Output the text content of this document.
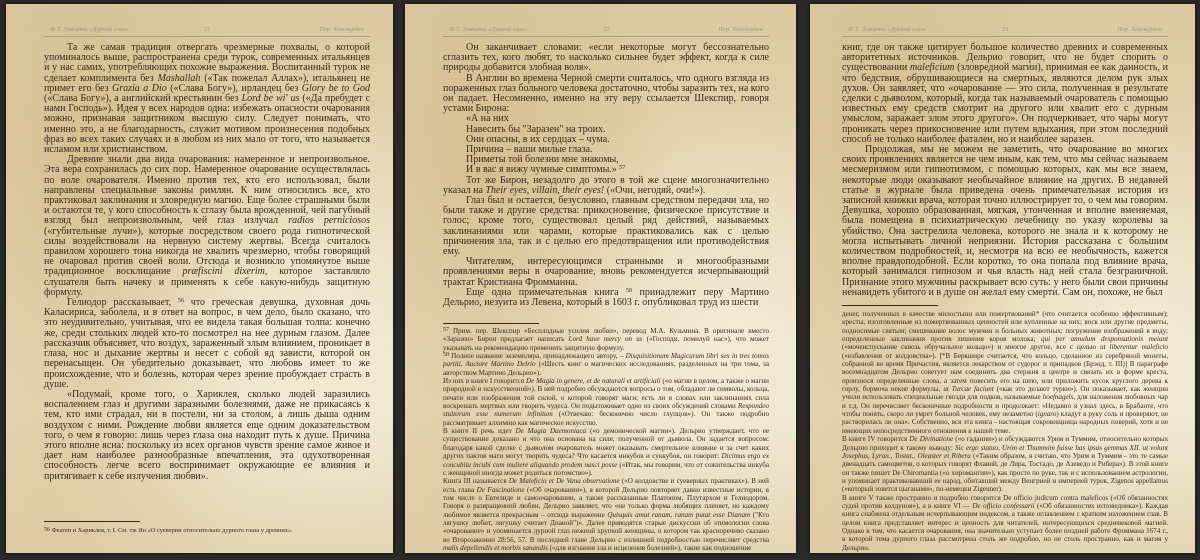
Ф.Т. Элворти «Дурной глаз»	21	Пер. Хексвурден

Та же самая традиция отвергать чрезмерные похвалы, о которой упоминалось выше, распространена среди турок, современных итальянцев и у нас самих, употребляющих похожие выражения. Воспитанный турок не сделает комплимента без Mashallah («Так пожелал Аллах»), итальянец не примет его без Grazia a Dio («Слава Богу»), ирландец без Glory be to God («Слава Богу»), а английский крестьянин без Lord be wi' us («Да пребудет с нами Господь»). Идея у всех народов одна: избежать опасности очарования можно, признавая защитником высшую силу. Следует понимать, что именно это, а не благодарность, служит мотивом произнесения подобных фраз во всех таких случаях и в любом из них мало от того, что называется исламом или христианством.

Древние знали два вида очарования: намеренное и непроизвольное. Эта вера сохранилась до сих пор. Намеренное очарование осуществлялась по воле очарователя. Именно против тех, кто его использовал, были направлены специальные законы римлян. К ним относились все, кто практиковал заклинания и зловредную магию. Еще более страшными были и остаются те, у кого способность к сглазу была врожденной, чей пагубный взгляд был непроизвольным, чей глаз излучал radios perniciosos («губительные лучи»), которые посредством своего рода гипнотической силы воздействовали на нервную систему жертвы. Всегда считалось правилом хорошего тона никогда не хвалить чрезмерно, чтобы говорящий не очаровал против своей воли. Отсюда и возникло упомянутое выше традиционное восклицание præfiscini dixerim, которое заставляло слушателя быть начеку и применять к себе какую-нибудь защитную формулу.

Гелиодор рассказывает, $^{56}$ что греческая девушка, духовная дочь Каласириса, заболела, и в ответ на вопрос, в чем дело, было сказано, что это неудивительно, учитывая, что ее видела такая большая толпа: конечно же, среди стольких людей кто-то посмотрел на нее дурным глазом. Далее рассказчик объясняет, что воздух, зараженный злым влиянием, проникает в глаза, нос и дыхание жертвы и несет с собой яд зависти, которой он перенасыщен. Он убедительно доказывает, что любовь имеет то же происхождение, что и болезнь, которая через зрение пробуждает страсть в душе.

«Подумай, кроме того, о Хариклея, сколько людей заразились воспалением глаз и другими заразными болезнями, даже не прикасаясь к тем, кто ими страдал, ни в постели, ни за столом, а лишь дыша одним воздухом с ними. Рождение любви является еще одним доказательством того, о чем я говорю: лишь через глаза она находит путь к душе. Причина этого вполне ясна: поскольку из всех органов чувств зрение самое живое и дает нам наиболее разнообразные впечатления, эта одухотворенная способность легче всего воспринимает окружающие ее влияния и притягивает к себе излучения любви».

$^{56}$ Феаген и Хариклея, т. I. См. тж Ян «О суеверии относительно дурного глаза у древних».

Ф.Т. Элворти «Дурной глаз»	22	Пер. Хексвурден

Он заканчивает словами: «если некоторые могут бессознательно сглазить тех, кого любят, то насколько сильнее будет эффект, когда к силе природы добавится злобная воля».

В Англии во времена Черной смерти считалось, что одного взгляда из пораженных глаз больного человека достаточно, чтобы заразить тех, на кого он падает. Несомненно, именно на эту веру ссылается Шекспир, говоря устами Бирона:

«А на них
Навесить бы "Заразен" на троих.
Они опасны, в их сердцах – чума.
Причина – ваши милые глаза.
Приметы той болезни мне знакомы,
И в вас я вижу чумные симптомы.» $^{57}$

Тот же Бирон, незадолго до этого в той же сцене многозначительно указал на Their eyes, villain, their eyes! («Очи, негодяй, очи!»).

Глаз был и остается, безусловно, главным средством передачи зла, но были также и другие средства: прикосновение, физическое присутствие и голос; кроме того, существовал целый ряд действий, называемых заклинаниями или чарами, которые практиковались как с целью причинения зла, так и с целью его предотвращения или противодействия ему.

Читателям, интересующимся странными и многообразными проявлениями веры в очарование, вновь рекомендуется исчерпывающий трактат Кристиана Фромманна.

Еще одна примечательная книга $^{58}$ принадлежит перу Мартино Дельрио, иезуита из Левена, который в 1603 г. опубликовал труд из шести

$^{57}$ Прим. пер. Шекспир «Бесплодные усилия любви», перевод М.А. Кузьмина. В оригинале вместо «Заразен» Бирон предлагает написать Lord have mercy on us («Господи, помилуй нас»), что может указывать на рекомендацию применить защитную формулу.

$^{58}$ Полное название экземпляра, принадлежащего автору, – Disquisitionum Magicarum libri sex in tres tomos partiti, Auctore Martino Delrio («Шесть книг о магических исследованиях, разделенных на три тома, за авторством Мартино Дельрио»).

Из них в книге I говорится De Magia in genere, et de naturali et artificiali («о магии в целом, а также о магии природной и искусственной»). В ней подробно обсуждаются вопросы о том, обладают ли символы, кольца, печати или изображения той силой, о которой говорят маги; есть ли в словах или заклинаниях сила воскрешать мертвых или творить чудеса. Он подытоживает одно из своих обсуждений словами Respondeo stultorum esse numerum infinitum («Отвечаю: бесконечно число глупцов»). Он также подробно рассматривает алхимию как магическое искусство.

В книге II речь идет De Magia Daemoniaca («о демонической магии»). Дельрио утверждает, что ее существование доказано и что она основана на силе, полученной от дьявола. Он задается вопросом: благодаря какой сделке с дьяволом очарователь может оказывать смертельное влияние и за счет каких других пактов маги могут творить чудеса? Что касается инкубов и суккубов, он говорит: Dicimus ergo ex concubitu incubi cum muliere aliquando prodem nasci posse («Итак, мы говорим, что от сожительства инкуба с женщиной иногда может родиться потомство»).

Книга III называется De Maleficio et De Vana observatione («О колдовстве и суеверных практиках»). В ней есть глава De Fascinatione («Об очаровании»), в которой Дельрио повторяет давно известные истории, в том числе о Евтелиде и самоочаровании, а также рассказанные Платоном, Плутархом и Гелиодором. Говоря о развращенной любви, Дельрио заявляет, что «не только форма любящих пленяет, но каждому любимое является прекрасным – отсюда выражение Quisquis amat ranam, ranam putat esse Dianam ("Кто лягушку любит, лягушку считает Дианой")». Далее приводятся старые дискуссии об этимологии слова «очарование» и упоминается дурной глаз нежной хрупкой женщины, о котором так красноречиво сказано во Второзаконии 28:56, 57. В последней главе Дельрио с излишней подробностью перечисляет средства malis depellendis et morbis sanandis («для изгнания зла и исцеления болезней»), такие как подношение

Ф.Т. Элворти «Дурной глаз»	23	Пер. Хексвурден

книг, где он также цитирует большое количество древних и современных авторитетных источников. Дельрио говорит, что не будет спорить о существовании maleficium (зловредной магии), принимая ее как данность, и что бедствия, обрушивающиеся на смертных, являются делом рук злых духов. Он заявляет, что «очарование — это сила, полученная в результате сделки с дьяволом, который, когда так называемый очарователь с помощью известных ему средств смотрит на другого или хвалит его с дурным умыслом, заражает злом этого другого». Он подчеркивает, что чары могут проникать через прикосновение или путем вдыхания, при этом последний способ не только наиболее фатален, но и наиболее заразен.

Продолжая, мы не можем не заметить, что очарование во многих своих проявлениях является не чем иным, как тем, что мы сейчас называем месмеризмом или гипнотизмом, с помощью которых, как мы все знаем, некоторые люди оказывают необычайное влияние на других. В недавней статье в журнале была приведена очень примечательная история из записной книжки врача, которая точно иллюстрирует то, о чем мы говорим. Девушка, хорошо образованная, мягкая, утонченная и вполне вменяемая, была помещена в психиатрическую лечебницу по указу королевы за убийство. Она застрелила человека, которого не знала и к которому не могла испытывать личной неприязни. История рассказана с большим количеством подробностей, и, несмотря на всю ее необычность, кажется вполне правдоподобной. Если коротко, то она попала под влияние врача, который занимался гипнозом и чья власть над ней стала безграничной. Признание этого мужчины раскрывает всю суть: у него были свои причины ненавидеть убитого и в душе он желал ему смерти. Сам он, похоже, не был

денег, полученных в качестве милостыни или пожертвований* (что считается особенно эффективным); кресты, изготовленные из пожертвованных ценностей или купленные на них; воск или другие предметы, подносимые святым; смешивание волос мужчин и больных животных; погружение изображений в воду; определенные заклинания против лишения коров молока; qui per annulum desponsationis meiunt («мочеиспускание сквозь обручальное кольцо») и многое другое, все с целью ut liberentur maleficio («избавления от колдовства»). [*В Беркшире считается, что кольцо, сделанное из серебряной монеты, собранной во время Причастия, является лекарством от судорог и припадков (Брэнд, т. III)] В параграфе восемнадцатом Дельрио советует нам соединить два стержня в центре и связать их в форме креста, произнося определенные слова, а затем повесить его на шею, или приложить кусок круглого дерева к горлу, бормоча некие формулы, ut Turcae faciunt («как это делают турки»). Он показывает, как женщин учили использовать специальные гвозди для подков, называемые hoefnagels, для наложения любовных чар и т.д. Он перечисляет бесконечные подробности и продолжает: «Недавно я узнал здесь, в Брабанте, что чтобы понять, скоро ли умрет больной человек, ему незаметно (ignaro) кладут в руку соль и проверяют, не растворилась ли она». Собственно, вся эта книга - настоящая сокровищница народных поверий, хотя и не имеющих непосредственного отношения к нашей теме.

В книге IV говорится De Divinatione («о гадании») и обсуждаются Урим и Туммим, относительно которых Дельрио приходит к такому выводу: Sic ergo statuo, Urim et Thummim fuisse has ipsas gemmas XII. ut volunt Josephus, Lyran., Tostat., Oleaster et Ribera («Таким образом, я считаю, что Урим и Туммим - это те самые двенадцать самоцветов, о которых говорят Флавий, де Лира, Тостадо, де Азеведо и Рибера»). В этой книге он также пишет De Chiromantia («о хиромантии»), как просто по руке, так и с использованием астрологии, и упоминает практиковавший ее народ, обитавший между Венгрией и империей турок, Zigenos appellamus («который зовется цыганами», по-немецки Zigeuner).

В книге V также пространно и подробно говорится De officio judicum contra maleficos («Об обязанностях судей против колдунов»), а в книге VI — De officio confessarii («Об обязанностях исповедника»). Каждая книга снабжена отдельным исчерпывающим индексом, а также оглавлением с кратким изложением глав. В целом книга представляет интерес и ценность для читателей, интересующихся средневековой магией. Однако в том, что касается очарования, она значительно уступает более поздней работе Фроммана 1674 г., в которой тема дурного глаза рассмотрена столь же подробно, но не столь пространно, как и магия у Дельрио.
